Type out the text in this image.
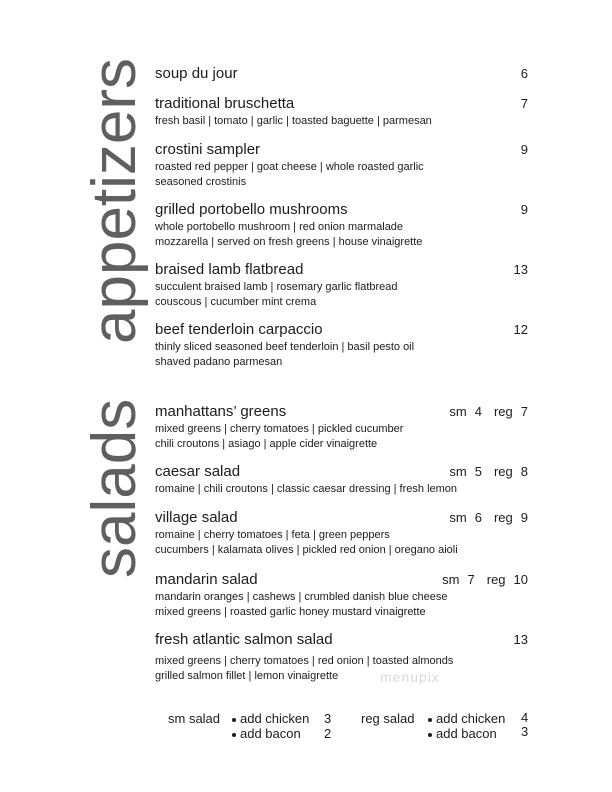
appetizers
salads
soup du jour	6
traditional bruschetta	7
fresh basil | tomato | garlic | toasted baguette | parmesan
crostini sampler	9
roasted red pepper | goat cheese | whole roasted garlic
seasoned crostinis
grilled portobello mushrooms	9
whole portobello mushroom | red onion marmalade
mozzarella | served on fresh greens | house vinaigrette
braised lamb flatbread	13
succulent braised lamb | rosemary garlic flatbread
couscous | cucumber mint crema
beef tenderloin carpaccio	12
thinly sliced seasoned beef tenderloin | basil pesto oil
shaved padano parmesan
manhattans’ greens	sm 4 reg 7
mixed greens | cherry tomatoes | pickled cucumber
chili croutons | asiago | apple cider vinaigrette
caesar salad	sm 5 reg 8
romaine | chili croutons | classic caesar dressing | fresh lemon
village salad	sm 6 reg 9
romaine | cherry tomatoes | feta | green peppers
cucumbers | kalamata olives | pickled red onion | oregano aioli
mandarin salad	sm 7 reg 10
mandarin oranges | cashews | crumbled danish blue cheese
mixed greens | roasted garlic honey mustard vinaigrette
fresh atlantic salmon salad	13
mixed greens | cherry tomatoes | red onion | toasted almonds
grilled salmon fillet | lemon vinaigrette	menupix
sm salad	add chicken 3
add bacon 2
reg salad	add chicken 4
add bacon 3
